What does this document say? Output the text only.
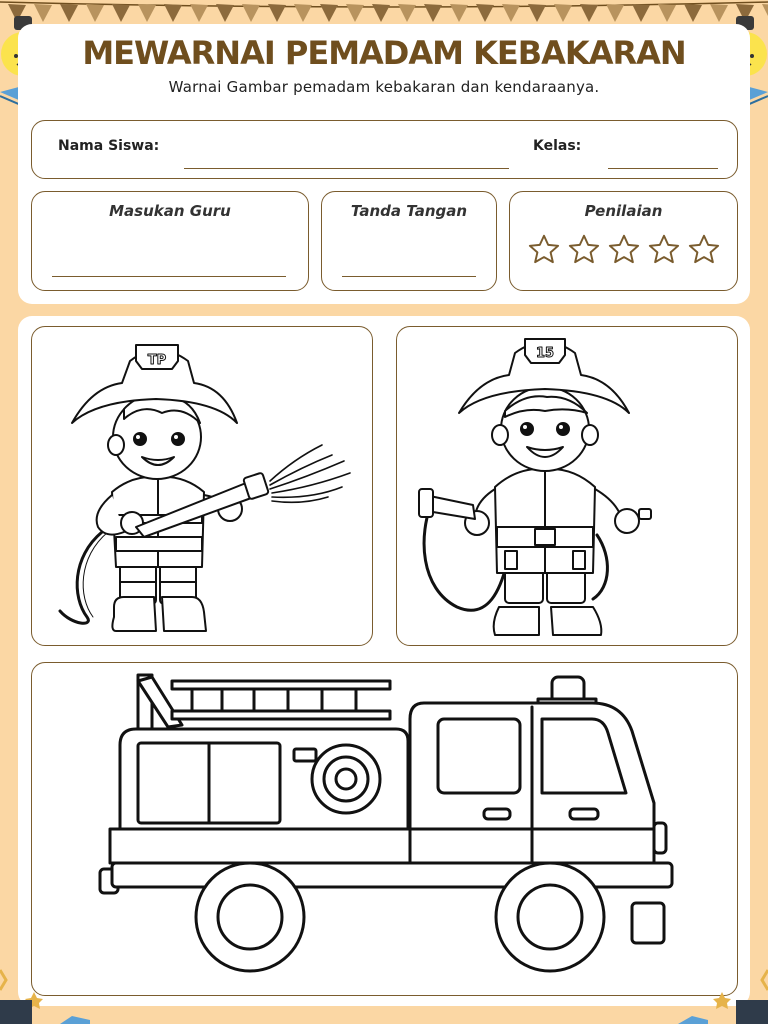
MEWARNAI PEMADAM KEBAKARAN
Warnai Gambar pemadam kebakaran dan kendaraanya.
Nama Siswa:	Kelas:
Masukan Guru	Tanda Tangan	Penilaian
TP	15
